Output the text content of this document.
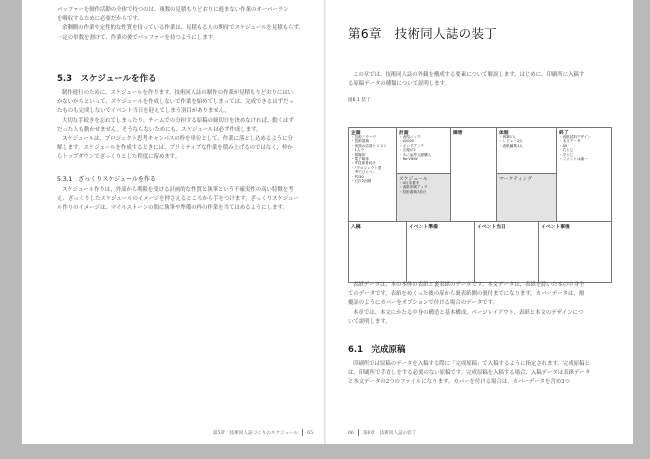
バッファーを制作活動の全体で持つのは、複数の見積もりどおりに進まない作業のオーバーラン
を吸収するために必要だからです。
余剰側の作業や定性的な性質を持っている作業は、見積もる人の期待でスケジュールを見積もらず、
一定の単数を割けて、作業の後でバッファーを持つようにします。
5.3　スケジュールを作る
制作進行のために、スケジュールを作ります。技術同人誌の制作の作業が見積もりどおりにはい
かないからといって、スケジュールを作成しないで作業を始めてしまっては、完成できるはずだっ
たものも完成しないでイベント当日を迎えてしまう羽目がありません。
大切な手続きを忘れてしまったり、チームでの分担する原稿の締切日を決めなければ、動くはず
だった人も動かせません。そうならないためにも、スケジュールは必ず作成します。
スケジュールは、プロジェクト思考キャンバスの枠を単位として、作業に落とし込めるように分
解します。スケジュールを作成するときには、ブリミティブな作業を積み上げるのではなく、枠か
らトップダウンでざっくりとした程度に留めます。
5.3.1　ざっくりスケジュールを作る
スケジュール作りは、外部から期限を受ける計画的な性質と執筆という不確実性の高い特徴を考
え、ざっくりしたスケジュールのイメージを押さえるところから手をつけます。ざっくりスケジュー
ル作りのイメージは、マイルストーンの間に執筆や準備の枠の作業を当てはめるようにします。
第5章　技術同人誌づくりのスケジュール 65
第6章　技術同人誌の装丁
この章では、技術同人誌の外観を構成する要素について解説します。はじめに、印刷所に入稿す
る原稿データの種類について説明します。
図6.1 装丁
企画
・技術ノウハウ
・技術書典
・家族の応援とコスト
・1人で
・紙媒体
・電子媒体
・IT技術者向け
・「プロジェクト思
　考でひとつ」
・P230
・日次2回刷
計画
・表現パック
・¥2000
・ボンデアンテ
・広報が2
・ネに参考文献購入
・Re:VIEW
スケジュール
・4月末着手
・表紙印刷アップ
・技術書典7前日
障害	体制
・執筆1人
・レビュー2人
・表紙編集1人
マーケティング
終了
・表紙試料デザイン
・本文データ
・A5
・右とじ
・平とじ
・フォントは満一
入稿	イベント準備	イベント当日	イベント事後
表紙データは、本の本体の表紙と裏表紙のデータです。本文データは、表紙を除いた本の中身全
てのデータです。表紙をめくった後の扉から裏表紙側の裏付までになります。カバーデータは、撥
覆証のようにカバーをオプションで付ける場合のデータです。
本章では、本文にかたる中身の構造と基本構成、ページレイアウト、表紙と本文のデザインにつ
いて説明します。
6.1　完成原稿
印刷所では原稿のデータを入稿する際に「完成原稿」で入稿するように指定されます。完成原稿と
は、印刷所で手直しをする必要のない原稿です。完成原稿を入稿する場合、入稿データは表紙データ
と本文データの2つのファイルになります。カバーを付ける場合は、カバーデータを含め3つ
66 第6章　技術同人誌の装丁
